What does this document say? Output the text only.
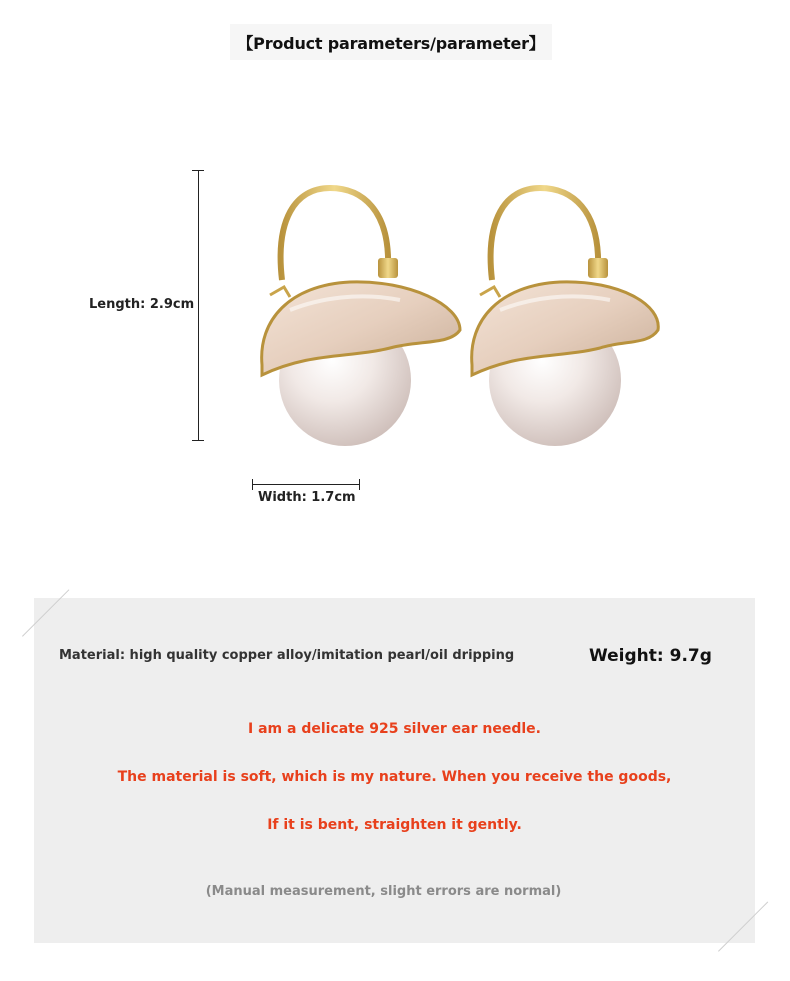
【Product parameters/parameter】
Length: 2.9cm
Width: 1.7cm
Material: high quality copper alloy/imitation pearl/oil dripping	Weight: 9.7g
I am a delicate 925 silver ear needle.
The material is soft, which is my nature. When you receive the goods,
If it is bent, straighten it gently.
(Manual measurement, slight errors are normal)
